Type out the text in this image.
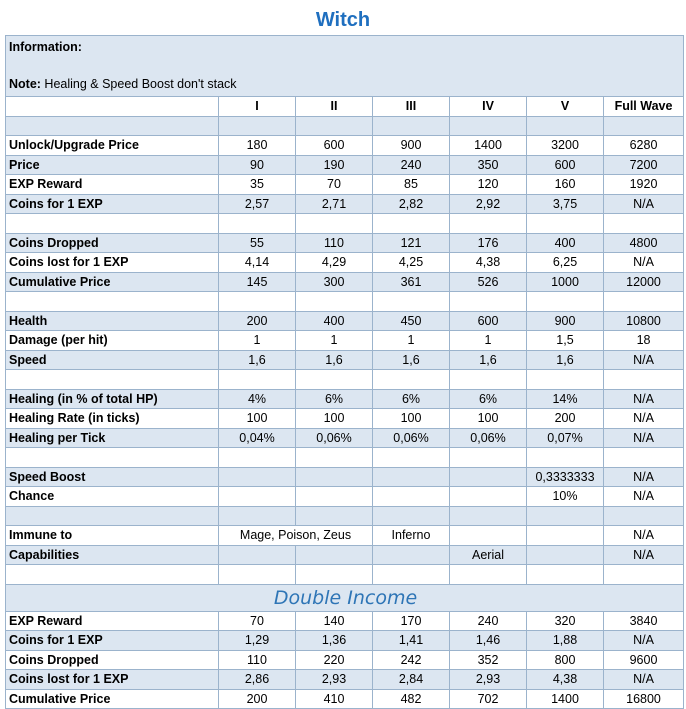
Witch
Information:
Note: Healing & Speed Boost don't stack						

	I	II	III	IV	V	Full Wave

Unlock/Upgrade Price	180	600	900	1400	3200	6280
Price	90	190	240	350	600	7200
EXP Reward	35	70	85	120	160	1920
Coins for 1 EXP	2,57	2,71	2,82	2,92	3,75	N/A

Coins Dropped	55	110	121	176	400	4800
Coins lost for 1 EXP	4,14	4,29	4,25	4,38	6,25	N/A
Cumulative Price	145	300	361	526	1000	12000

Health	200	400	450	600	900	10800
Damage (per hit)	1	1	1	1	1,5	18
Speed	1,6	1,6	1,6	1,6	1,6	N/A

Healing (in % of total HP)	4%	6%	6%	6%	14%	N/A
Healing Rate (in ticks)	100	100	100	100	200	N/A
Healing per Tick	0,04%	0,06%	0,06%	0,06%	0,07%	N/A

Speed Boost					0,3333333	N/A
Chance					10%	N/A

Immune to	Mage, Poison, Zeus		Inferno			N/A
Capabilities				Aerial		N/A

Double Income						
EXP Reward	70	140	170	240	320	3840
Coins for 1 EXP	1,29	1,36	1,41	1,46	1,88	N/A
Coins Dropped	110	220	242	352	800	9600
Coins lost for 1 EXP	2,86	2,93	2,84	2,93	4,38	N/A
Cumulative Price	200	410	482	702	1400	16800
